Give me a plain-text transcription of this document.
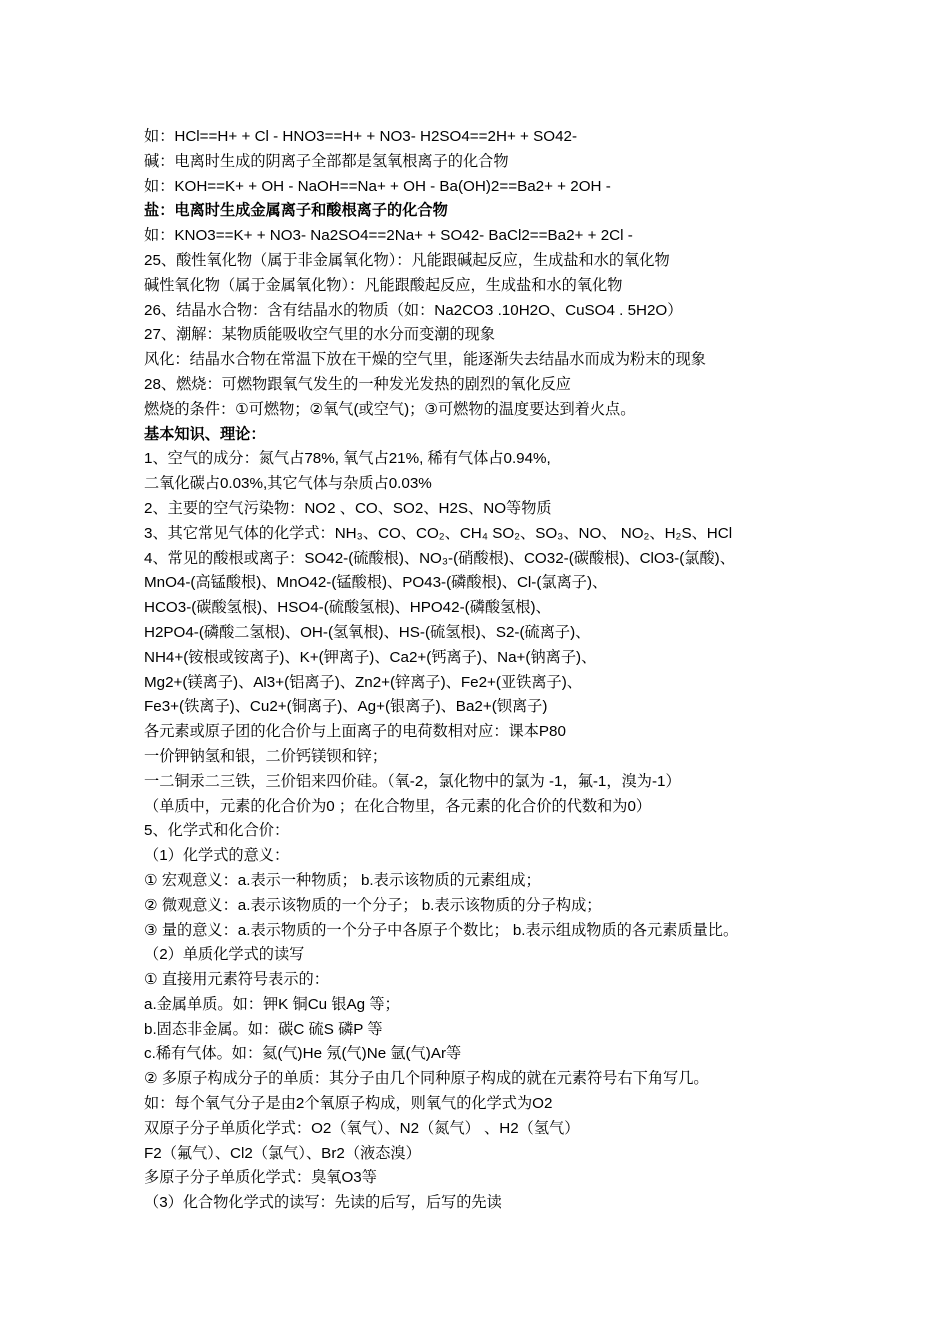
如：HCl==H+ + Cl - HNO3==H+ + NO3- H2SO4==2H+ + SO42-
碱：电离时生成的阴离子全部都是氢氧根离子的化合物
如：KOH==K+ + OH - NaOH==Na+ + OH - Ba(OH)2==Ba2+ + 2OH -
盐：电离时生成金属离子和酸根离子的化合物
如：KNO3==K+ + NO3- Na2SO4==2Na+ + SO42- BaCl2==Ba2+ + 2Cl -
25、酸性氧化物（属于非金属氧化物）：凡能跟碱起反应，生成盐和水的氧化物
碱性氧化物（属于金属氧化物）：凡能跟酸起反应，生成盐和水的氧化物
26、结晶水合物：含有结晶水的物质（如：Na2CO3 .10H2O、CuSO4 . 5H2O）
27、潮解：某物质能吸收空气里的水分而变潮的现象
风化：结晶水合物在常温下放在干燥的空气里，能逐渐失去结晶水而成为粉末的现象
28、燃烧：可燃物跟氧气发生的一种发光发热的剧烈的氧化反应
燃烧的条件：①可燃物；②氧气(或空气)；③可燃物的温度要达到着火点。
基本知识、理论：
1、空气的成分：氮气占78%, 氧气占21%, 稀有气体占0.94%,
二氧化碳占0.03%,其它气体与杂质占0.03%
2、主要的空气污染物：NO2 、CO、SO2、H2S、NO等物质
3、其它常见气体的化学式：NH₃、CO、CO₂、CH₄ SO₂、SO₃、NO、 NO₂、H₂S、HCl
4、常见的酸根或离子：SO42-(硫酸根)、NO₃-(硝酸根)、CO32-(碳酸根)、ClO3-(氯酸)、
MnO4-(高锰酸根)、MnO42-(锰酸根)、PO43-(磷酸根)、Cl-(氯离子)、
HCO3-(碳酸氢根)、HSO4-(硫酸氢根)、HPO42-(磷酸氢根)、
H2PO4-(磷酸二氢根)、OH-(氢氧根)、HS-(硫氢根)、S2-(硫离子)、
NH4+(铵根或铵离子)、K+(钾离子)、Ca2+(钙离子)、Na+(钠离子)、
Mg2+(镁离子)、Al3+(铝离子)、Zn2+(锌离子)、Fe2+(亚铁离子)、
Fe3+(铁离子)、Cu2+(铜离子)、Ag+(银离子)、Ba2+(钡离子)
各元素或原子团的化合价与上面离子的电荷数相对应：课本P80
一价钾钠氢和银，二价钙镁钡和锌；
一二铜汞二三铁，三价铝来四价硅。（氧-2，氯化物中的氯为 -1，氟-1，溴为-1）
（单质中，元素的化合价为0 ；在化合物里，各元素的化合价的代数和为0）
5、化学式和化合价：
（1）化学式的意义：
① 宏观意义：a.表示一种物质； b.表示该物质的元素组成；
② 微观意义：a.表示该物质的一个分子； b.表示该物质的分子构成；
③ 量的意义：a.表示物质的一个分子中各原子个数比； b.表示组成物质的各元素质量比。
（2）单质化学式的读写
① 直接用元素符号表示的：
a.金属单质。如：钾K 铜Cu 银Ag 等；
b.固态非金属。如：碳C 硫S 磷P 等
c.稀有气体。如：氦(气)He 氖(气)Ne 氩(气)Ar等
② 多原子构成分子的单质：其分子由几个同种原子构成的就在元素符号右下角写几。
如：每个氧气分子是由2个氧原子构成，则氧气的化学式为O2
双原子分子单质化学式：O2（氧气）、N2（氮气） 、H2（氢气）
F2（氟气）、Cl2（氯气）、Br2（液态溴）
多原子分子单质化学式：臭氧O3等
（3）化合物化学式的读写：先读的后写，后写的先读
